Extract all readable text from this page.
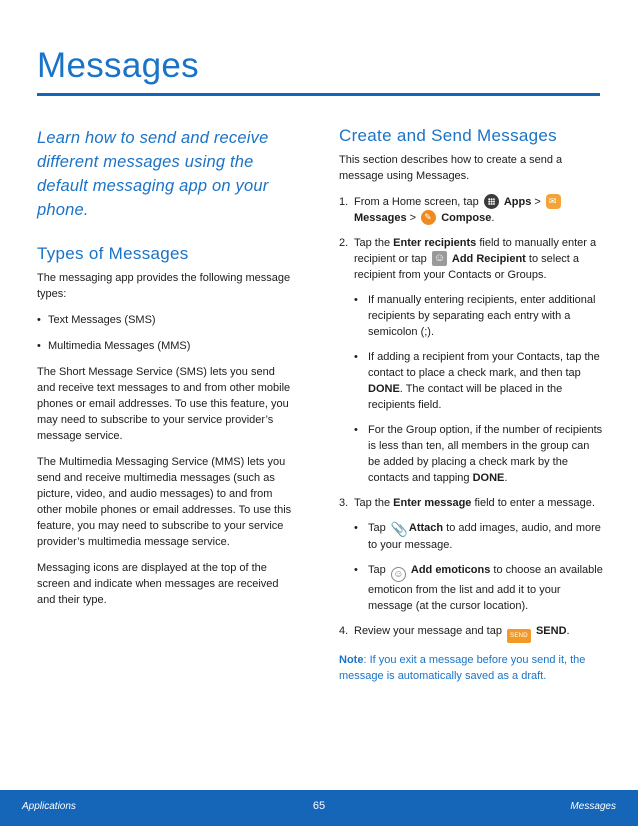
Messages
Learn how to send and receive different messages using the default messaging app on your phone.
Types of Messages

The messaging app provides the following message types:

• Text Messages (SMS)
• Multimedia Messages (MMS)

The Short Message Service (SMS) lets you send and receive text messages to and from other mobile phones or email addresses. To use this feature, you may need to subscribe to your service provider’s message service.

The Multimedia Messaging Service (MMS) lets you send and receive multimedia messages (such as picture, video, and audio messages) to and from other mobile phones or email addresses. To use this feature, you may need to subscribe to your service provider’s multimedia message service.

Messaging icons are displayed at the top of the screen and indicate when messages are received and their type.

Create and Send Messages

This section describes how to create a send a message using Messages.

1. From a Home screen, tap Apps > ✉ Messages > ✎ Compose.
2. Tap the Enter recipients field to manually enter a recipient or tap ☺ Add Recipient to select a recipient from your Contacts or Groups.
• If manually entering recipients, enter additional recipients by separating each entry with a semicolon (;).
• If adding a recipient from your Contacts, tap the contact to place a check mark, and then tap DONE. The contact will be placed in the recipients field.
• For the Group option, if the number of recipients is less than ten, all members in the group can be added by placing a check mark by the contacts and tapping DONE.
3. Tap the Enter message field to enter a message.
• Tap 📎 Attach to add images, audio, and more to your message.
• Tap ☺ Add emoticons to choose an available emoticon from the list and add it to your message (at the cursor location).
4. Review your message and tap SEND SEND.

Note: If you exit a message before you send it, the message is automatically saved as a draft.

Applications	65	Messages
